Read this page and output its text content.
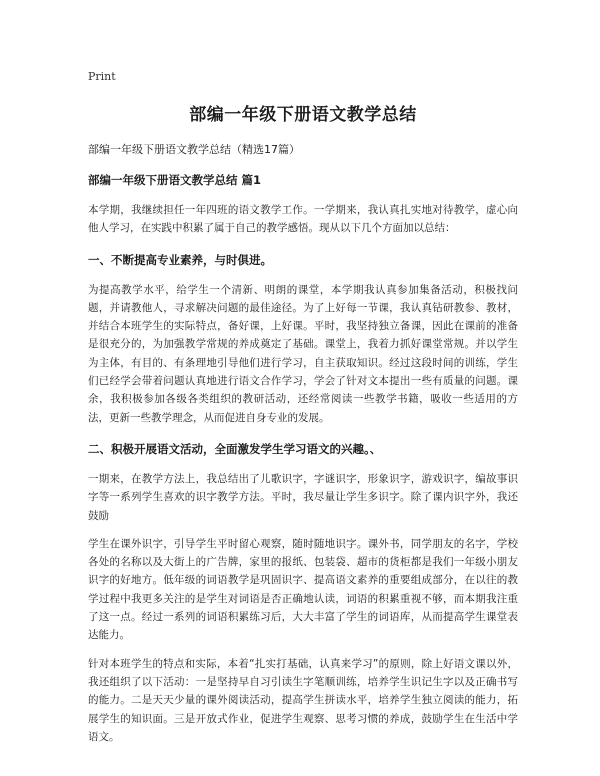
Print
部编一年级下册语文教学总结
部编一年级下册语文教学总结（精选17篇）
部编一年级下册语文教学总结 篇1

本学期，我继续担任一年四班的语文教学工作。一学期来，我认真扎实地对待教学，虚心向他人学习，在实践中积累了属于自己的教学感悟。现从以下几个方面加以总结：

一、不断提高专业素养，与时俱进。

为提高教学水平，给学生一个清新、明朗的课堂，本学期我认真参加集备活动，积极找问题，并请教他人，寻求解决问题的最佳途径。为了上好每一节课，我认真钻研教参、教材，并结合本班学生的实际特点，备好课，上好课。平时，我坚持独立备课，因此在课前的准备是很充分的，为加强教学常规的养成奠定了基础。课堂上，我着力抓好课堂常规。并以学生为主体，有目的、有条理地引导他们进行学习，自主获取知识。经过这段时间的训练，学生们已经学会带着问题认真地进行语文合作学习，学会了针对文本提出一些有质量的问题。课余，我积极参加各级各类组织的教研活动，还经常阅读一些教学书籍，吸收一些适用的方法，更新一些教学理念，从而促进自身专业的发展。

二、积极开展语文活动，全面激发学生学习语文的兴趣。、

一期来，在教学方法上，我总结出了儿歌识字，字谜识字，形象识字，游戏识字，编故事识字等一系列学生喜欢的识字教学方法。平时，我尽量让学生多识字。除了课内识字外，我还鼓励

学生在课外识字，引导学生平时留心观察，随时随地识字。课外书，同学朋友的名字，学校各处的名称以及大街上的广告牌，家里的报纸、包装袋、超市的货柜都是我们一年级小朋友识字的好地方。低年级的词语教学是巩固识字、提高语文素养的重要组成部分，在以往的教学过程中我更多关注的是学生对词语是否正确地认读，词语的积累重视不够，而本期我注重了这一点。经过一系列的词语积累练习后，大大丰富了学生的词语库，从而提高学生课堂表达能力。

针对本班学生的特点和实际，本着“扎实打基础，认真来学习”的原则，除上好语文课以外，我还组织了以下活动：一是坚持早自习引读生字笔顺训练，培养学生识记生字以及正确书写的能力。二是天天少量的课外阅读活动，提高学生拼读水平，培养学生独立阅读的能力，拓展学生的知识面。三是开放式作业，促进学生观察、思考习惯的养成，鼓励学生在生活中学语文。
